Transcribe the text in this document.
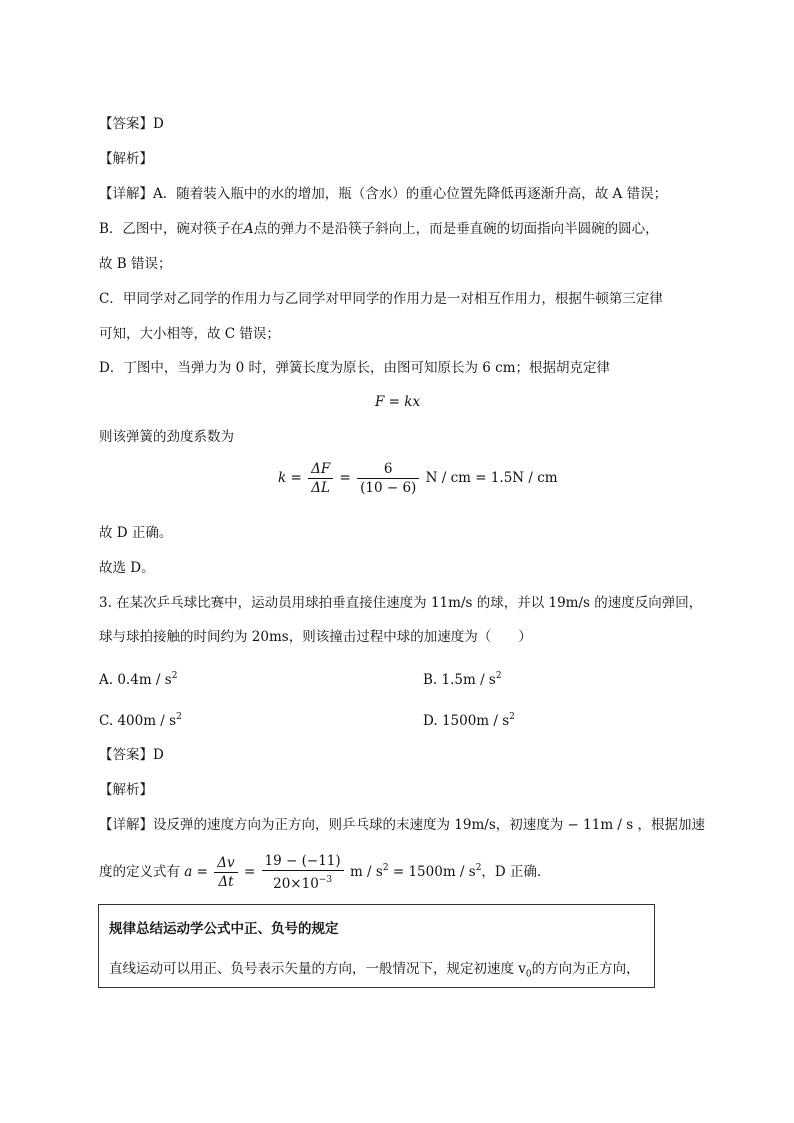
【答案】D
【解析】
【详解】A．随着装入瓶中的水的增加，瓶（含水）的重心位置先降低再逐渐升高，故 A 错误；
B．乙图中，碗对筷子在A点的弹力不是沿筷子斜向上，而是垂直碗的切面指向半圆碗的圆心，
故 B 错误；
C．甲同学对乙同学的作用力与乙同学对甲同学的作用力是一对相互作用力，根据牛顿第三定律
可知，大小相等，故 C 错误；
D．丁图中，当弹力为 0 时，弹簧长度为原长，由图可知原长为 6 cm；根据胡克定律
F = kx
则该弹簧的劲度系数为
$k = \frac{\Delta F}{\Delta L} = \frac{6}{(10 - 6)}$ N / cm = 1.5N / cm
故 D 正确。
故选 D。
3. 在某次乒乓球比赛中，运动员用球拍垂直接住速度为 11m/s 的球，并以 19m/s 的速度反向弹回，
球与球拍接触的时间约为 20ms，则该撞击过程中球的加速度为（　　）
A. $0.4m / s^2$	B. $1.5m / s^2$
C. $400m / s^2$	D. $1500m / s^2$
【答案】D
【解析】
【详解】设反弹的速度方向为正方向，则乒乓球的末速度为 19m/s，初速度为 − 11m / s ，根据加速
度的定义式有 $a = \frac{\Delta v}{\Delta t} = \frac{19 - (-11)}{20\times 10^{-3}}$ $m / s^2 = 1500m / s^2$，D 正确．
规律总结运动学公式中正、负号的规定
直线运动可以用正、负号表示矢量的方向，一般情况下，规定初速度 $v_0$的方向为正方向，
